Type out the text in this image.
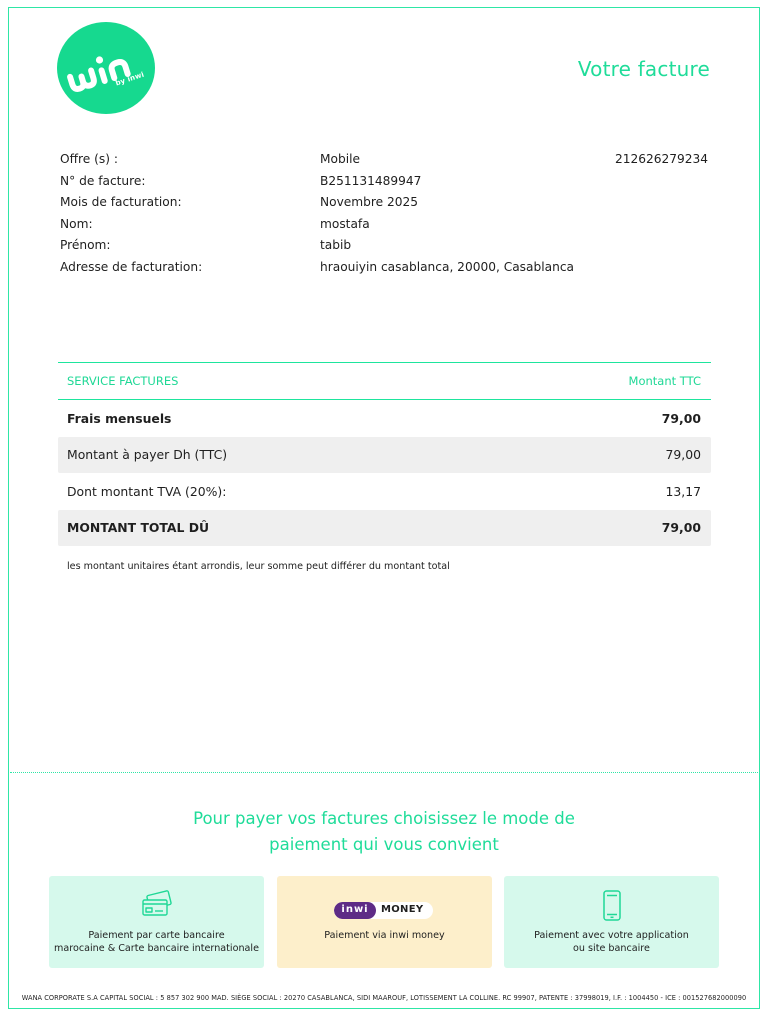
by inwi	Votre facture
Offre (s) :	Mobile	212626279234
N° de facture:	B251131489947
Mois de facturation:	Novembre 2025
Nom:	mostafa
Prénom:	tabib
Adresse de facturation:	hraouiyin casablanca, 20000, Casablanca
SERVICE FACTURES	Montant TTC
Frais mensuels	79,00
Montant à payer Dh (TTC)	79,00
Dont montant TVA (20%):	13,17
MONTANT TOTAL DÛ	79,00

les montant unitaires étant arrondis, leur somme peut différer du montant total

Pour payer vos factures choisissez le mode de
paiement qui vous convient
Paiement par carte bancaire
marocaine & Carte bancaire internationale
inwi	MONEY
Paiement via inwi money	Paiement avec votre application
ou site bancaire
WANA CORPORATE S.A CAPITAL SOCIAL : 5 857 302 900 MAD. SIÈGE SOCIAL : 20270 CASABLANCA, SIDI MAAROUF, LOTISSEMENT LA COLLINE. RC 99907, PATENTE : 37998019, I.F. : 1004450 - ICE : 001527682000090
